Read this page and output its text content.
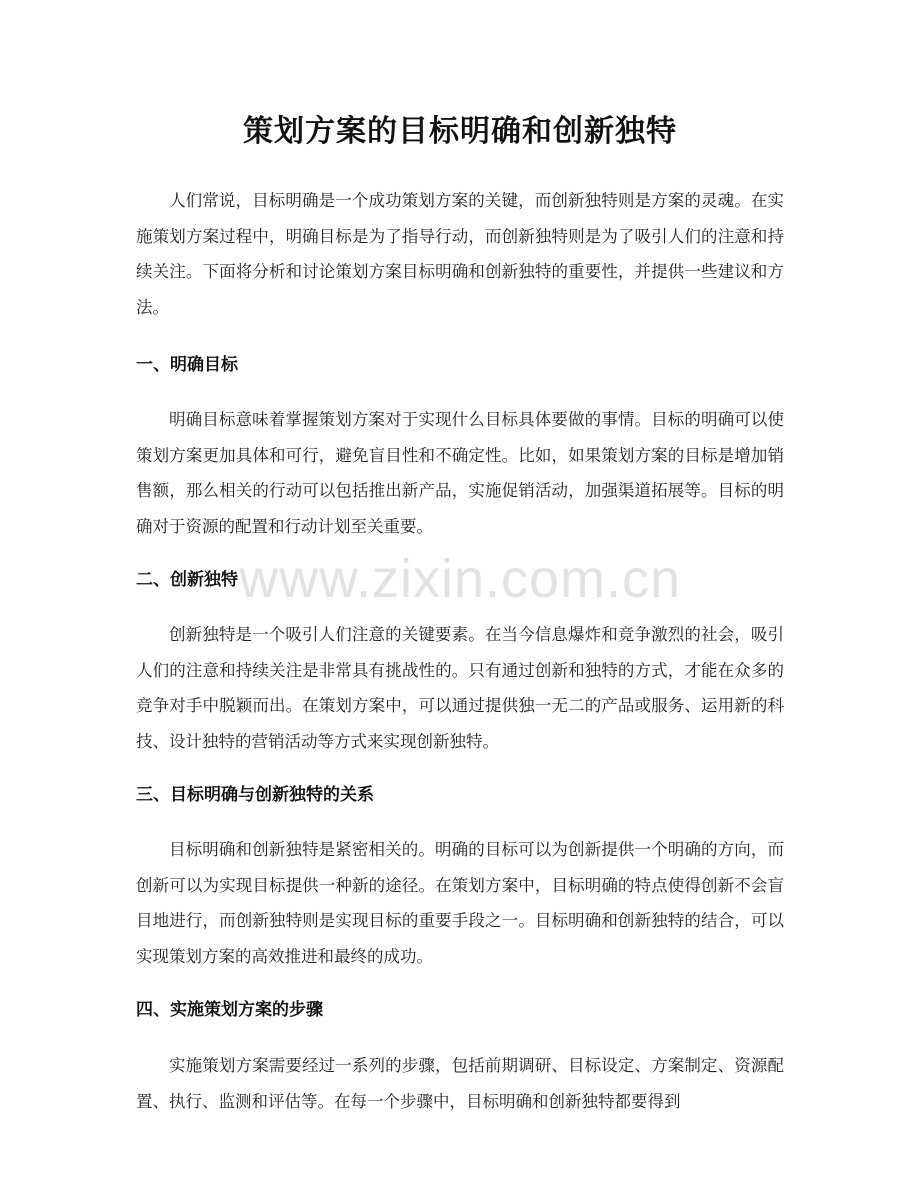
策划方案的目标明确和创新独特

人们常说，目标明确是一个成功策划方案的关键，而创新独特则是方案的灵魂。在实施策划方案过程中，明确目标是为了指导行动，而创新独特则是为了吸引人们的注意和持续关注。下面将分析和讨论策划方案目标明确和创新独特的重要性，并提供一些建议和方法。

一、明确目标

明确目标意味着掌握策划方案对于实现什么目标具体要做的事情。目标的明确可以使策划方案更加具体和可行，避免盲目性和不确定性。比如，如果策划方案的目标是增加销售额，那么相关的行动可以包括推出新产品，实施促销活动，加强渠道拓展等。目标的明确对于资源的配置和行动计划至关重要。

二、创新独特

创新独特是一个吸引人们注意的关键要素。在当今信息爆炸和竞争激烈的社会，吸引人们的注意和持续关注是非常具有挑战性的。只有通过创新和独特的方式，才能在众多的竞争对手中脱颖而出。在策划方案中，可以通过提供独一无二的产品或服务、运用新的科技、设计独特的营销活动等方式来实现创新独特。

三、目标明确与创新独特的关系

目标明确和创新独特是紧密相关的。明确的目标可以为创新提供一个明确的方向，而创新可以为实现目标提供一种新的途径。在策划方案中，目标明确的特点使得创新不会盲目地进行，而创新独特则是实现目标的重要手段之一。目标明确和创新独特的结合，可以实现策划方案的高效推进和最终的成功。

四、实施策划方案的步骤

实施策划方案需要经过一系列的步骤，包括前期调研、目标设定、方案制定、资源配置、执行、监测和评估等。在每一个步骤中，目标明确和创新独特都要得到

www.zixin.com.cn
